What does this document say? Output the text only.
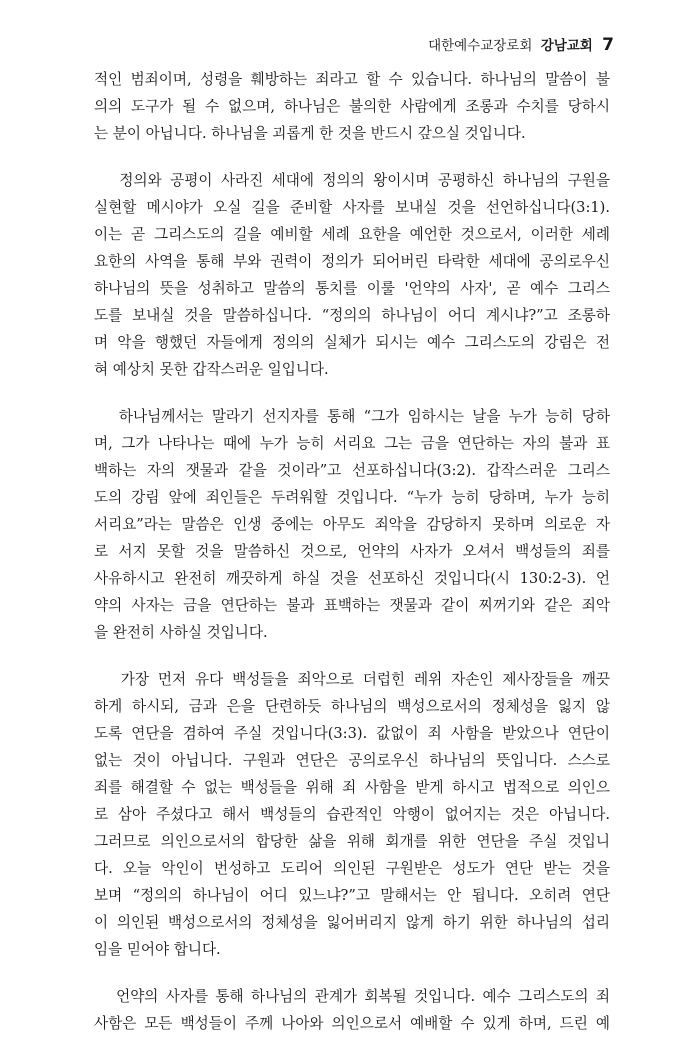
대한예수교장로회 강남교회 7
적인 범죄이며, 성령을 훼방하는 죄라고 할 수 있습니다. 하나님의 말씀이 불
의의 도구가 될 수 없으며, 하나님은 불의한 사람에게 조롱과 수치를 당하시
는 분이 아닙니다. 하나님을 괴롭게 한 것을 반드시 갚으실 것입니다.
정의와 공평이 사라진 세대에 정의의 왕이시며 공평하신 하나님의 구원을
실현할 메시야가 오실 길을 준비할 사자를 보내실 것을 선언하십니다(3:1).
이는 곧 그리스도의 길을 예비할 세례 요한을 예언한 것으로서, 이러한 세례
요한의 사역을 통해 부와 권력이 정의가 되어버린 타락한 세대에 공의로우신
하나님의 뜻을 성취하고 말씀의 통치를 이룰 '언약의 사자', 곧 예수 그리스
도를 보내실 것을 말씀하십니다. “정의의 하나님이 어디 계시냐?”고 조롱하
며 악을 행했던 자들에게 정의의 실체가 되시는 예수 그리스도의 강림은 전
혀 예상치 못한 갑작스러운 일입니다.
하나님께서는 말라기 선지자를 통해 “그가 임하시는 날을 누가 능히 당하
며, 그가 나타나는 때에 누가 능히 서리요 그는 금을 연단하는 자의 불과 표
백하는 자의 잿물과 같을 것이라”고 선포하십니다(3:2). 갑작스러운 그리스
도의 강림 앞에 죄인들은 두려워할 것입니다. “누가 능히 당하며, 누가 능히
서리요”라는 말씀은 인생 중에는 아무도 죄악을 감당하지 못하며 의로운 자
로 서지 못할 것을 말씀하신 것으로, 언약의 사자가 오셔서 백성들의 죄를
사유하시고 완전히 깨끗하게 하실 것을 선포하신 것입니다(시 130:2-3). 언
약의 사자는 금을 연단하는 불과 표백하는 잿물과 같이 찌꺼기와 같은 죄악
을 완전히 사하실 것입니다.
가장 먼저 유다 백성들을 죄악으로 더럽힌 레위 자손인 제사장들을 깨끗
하게 하시되, 금과 은을 단련하듯 하나님의 백성으로서의 정체성을 잃지 않
도록 연단을 겸하여 주실 것입니다(3:3). 값없이 죄 사함을 받았으나 연단이
없는 것이 아닙니다. 구원과 연단은 공의로우신 하나님의 뜻입니다. 스스로
죄를 해결할 수 없는 백성들을 위해 죄 사함을 받게 하시고 법적으로 의인으
로 삼아 주셨다고 해서 백성들의 습관적인 악행이 없어지는 것은 아닙니다.
그러므로 의인으로서의 합당한 삶을 위해 회개를 위한 연단을 주실 것입니
다. 오늘 악인이 번성하고 도리어 의인된 구원받은 성도가 연단 받는 것을
보며 “정의의 하나님이 어디 있느냐?”고 말해서는 안 됩니다. 오히려 연단
이 의인된 백성으로서의 정체성을 잃어버리지 않게 하기 위한 하나님의 섭리
임을 믿어야 합니다.
언약의 사자를 통해 하나님의 관계가 회복될 것입니다. 예수 그리스도의 죄
사함은 모든 백성들이 주께 나아와 의인으로서 예배할 수 있게 하며, 드린 예
